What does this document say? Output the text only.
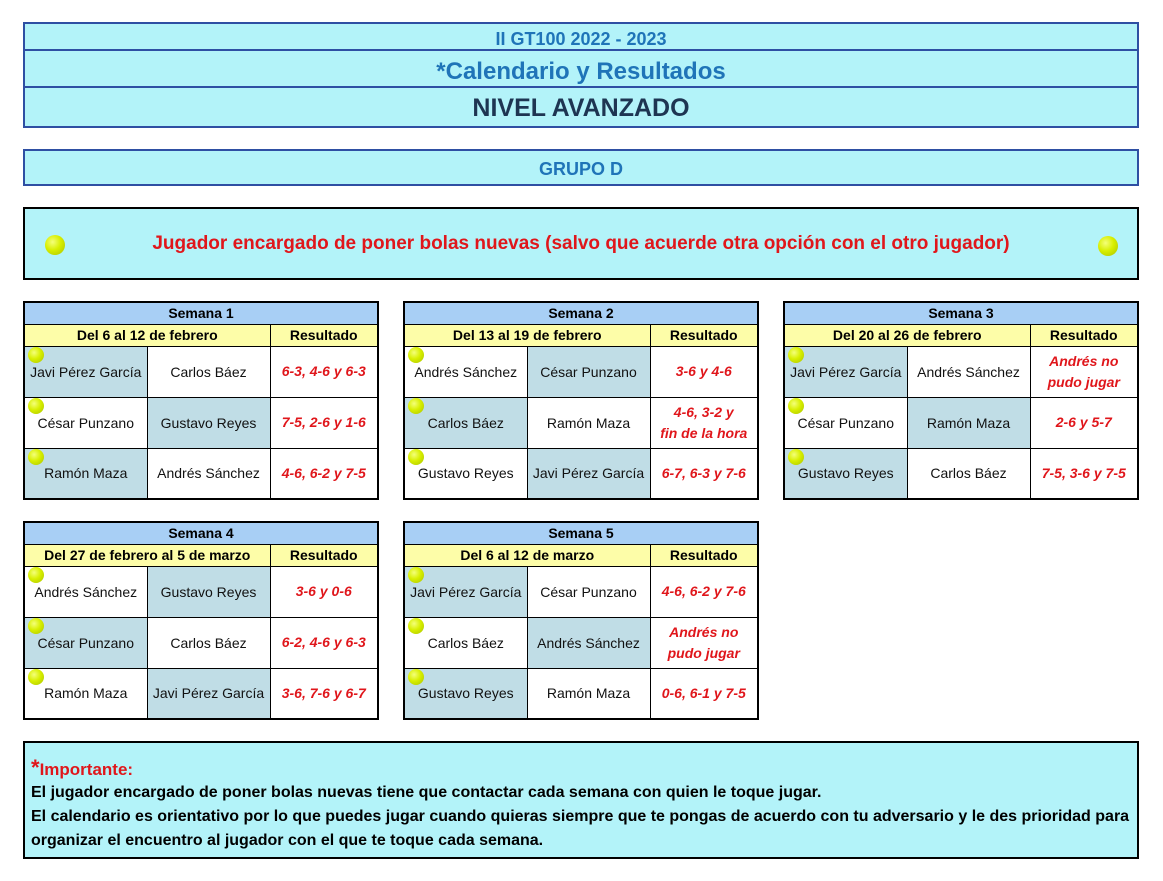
II GT100 2022 - 2023
*Calendario y Resultados
NIVEL AVANZADO
GRUPO D
Jugador encargado de poner bolas nuevas (salvo que acuerde otra opción con el otro jugador)
Semana 1		
Del 6 al 12 de febrero		Resultado

Javi Pérez García	Carlos Báez	6-3, 4-6 y 6-3

César Punzano	Gustavo Reyes	7-5, 2-6 y 1-6

Ramón Maza	Andrés Sánchez	4-6, 6-2 y 7-5
Semana 2		
Del 13 al 19 de febrero		Resultado

Andrés Sánchez	César Punzano	3-6 y 4-6

Carlos Báez	Ramón Maza	4-6, 3-2 y
fin de la hora

Gustavo Reyes	Javi Pérez García	6-7, 6-3 y 7-6
Semana 3		
Del 20 al 26 de febrero		Resultado

Javi Pérez García	Andrés Sánchez	Andrés no
pudo jugar

César Punzano	Ramón Maza	2-6 y 5-7

Gustavo Reyes	Carlos Báez	7-5, 3-6 y 7-5
Semana 4		
Del 27 de febrero al 5 de marzo		Resultado

Andrés Sánchez	Gustavo Reyes	3-6 y 0-6

César Punzano	Carlos Báez	6-2, 4-6 y 6-3

Ramón Maza	Javi Pérez García	3-6, 7-6 y 6-7
Semana 5		
Del 6 al 12 de marzo		Resultado

Javi Pérez García	César Punzano	4-6, 6-2 y 7-6

Carlos Báez	Andrés Sánchez	Andrés no
pudo jugar

Gustavo Reyes	Ramón Maza	0-6, 6-1 y 7-5
*Importante:

El jugador encargado de poner bolas nuevas tiene que contactar cada semana con quien le toque jugar.

El calendario es orientativo por lo que puedes jugar cuando quieras siempre que te pongas de acuerdo con tu adversario y le des prioridad para organizar el encuentro al jugador con el que te toque cada semana.
